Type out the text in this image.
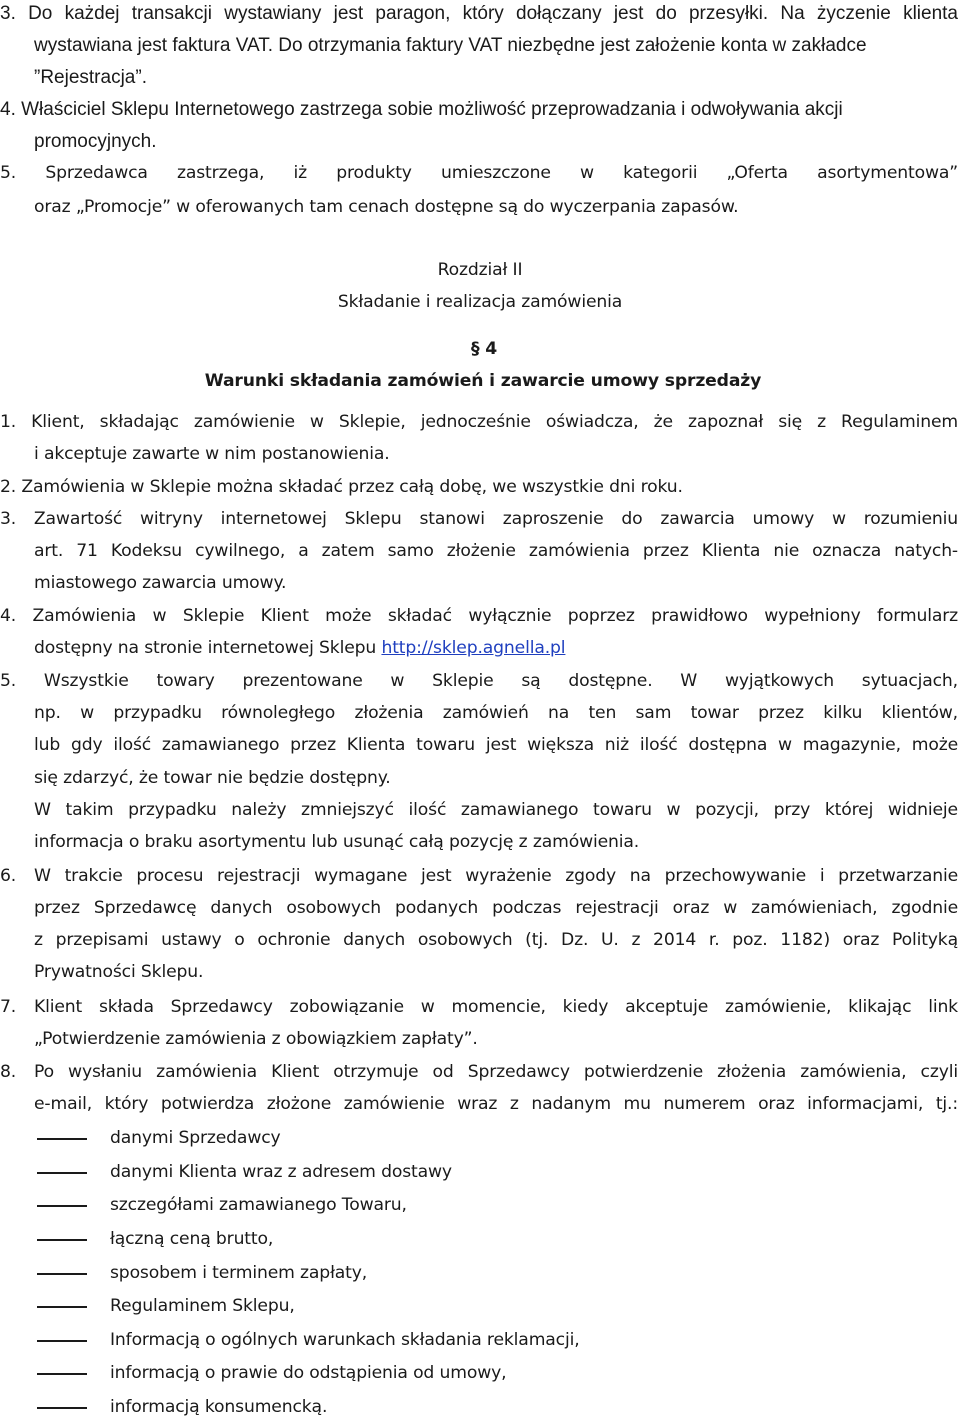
3. Do każdej transakcji wystawiany jest paragon, który dołączany jest do przesyłki. Na życzenie klienta
wystawiana jest faktura VAT. Do otrzymania faktury VAT niezbędne jest założenie konta w zakładce
”Rejestracja”.
4. Właściciel Sklepu Internetowego zastrzega sobie możliwość przeprowadzania i odwoływania akcji
promocyjnych.
5. Sprzedawca zastrzega, iż produkty umieszczone w kategorii „Oferta asortymentowa”
oraz „Promocje” w oferowanych tam cenach dostępne są do wyczerpania zapasów.
Rozdział II
Składanie i realizacja zamówienia
§ 4
Warunki składania zamówień i zawarcie umowy sprzedaży
1. Klient, składając zamówienie w Sklepie, jednocześnie oświadcza, że zapoznał się z Regulaminem
i akceptuje zawarte w nim postanowienia.
2. Zamówienia w Sklepie można składać przez całą dobę, we wszystkie dni roku.
3. Zawartość witryny internetowej Sklepu stanowi zaproszenie do zawarcia umowy w rozumieniu
art. 71 Kodeksu cywilnego, a zatem samo złożenie zamówienia przez Klienta nie oznacza natych-
miastowego zawarcia umowy.
4. Zamówienia w Sklepie Klient może składać wyłącznie poprzez prawidłowo wypełniony formularz
dostępny na stronie internetowej Sklepu http://sklep.agnella.pl
5. Wszystkie towary prezentowane w Sklepie są dostępne. W wyjątkowych sytuacjach,
np. w przypadku równoległego złożenia zamówień na ten sam towar przez kilku klientów,
lub gdy ilość zamawianego przez Klienta towaru jest większa niż ilość dostępna w magazynie, może
się zdarzyć, że towar nie będzie dostępny.
W takim przypadku należy zmniejszyć ilość zamawianego towaru w pozycji, przy której widnieje
informacja o braku asortymentu lub usunąć całą pozycję z zamówienia.
6. W trakcie procesu rejestracji wymagane jest wyrażenie zgody na przechowywanie i przetwarzanie
przez Sprzedawcę danych osobowych podanych podczas rejestracji oraz w zamówieniach, zgodnie
z przepisami ustawy o ochronie danych osobowych (tj. Dz. U. z 2014 r. poz. 1182) oraz Polityką
Prywatności Sklepu.
7. Klient składa Sprzedawcy zobowiązanie w momencie, kiedy akceptuje zamówienie, klikając link
„Potwierdzenie zamówienia z obowiązkiem zapłaty”.
8. Po wysłaniu zamówienia Klient otrzymuje od Sprzedawcy potwierdzenie złożenia zamówienia, czyli
e-mail, który potwierdza złożone zamówienie wraz z nadanym mu numerem oraz informacjami, tj.:
danymi Sprzedawcy
danymi Klienta wraz z adresem dostawy
szczegółami zamawianego Towaru,
łączną ceną brutto,
sposobem i terminem zapłaty,
Regulaminem Sklepu,
Informacją o ogólnych warunkach składania reklamacji,
informacją o prawie do odstąpienia od umowy,
informacją konsumencką.
